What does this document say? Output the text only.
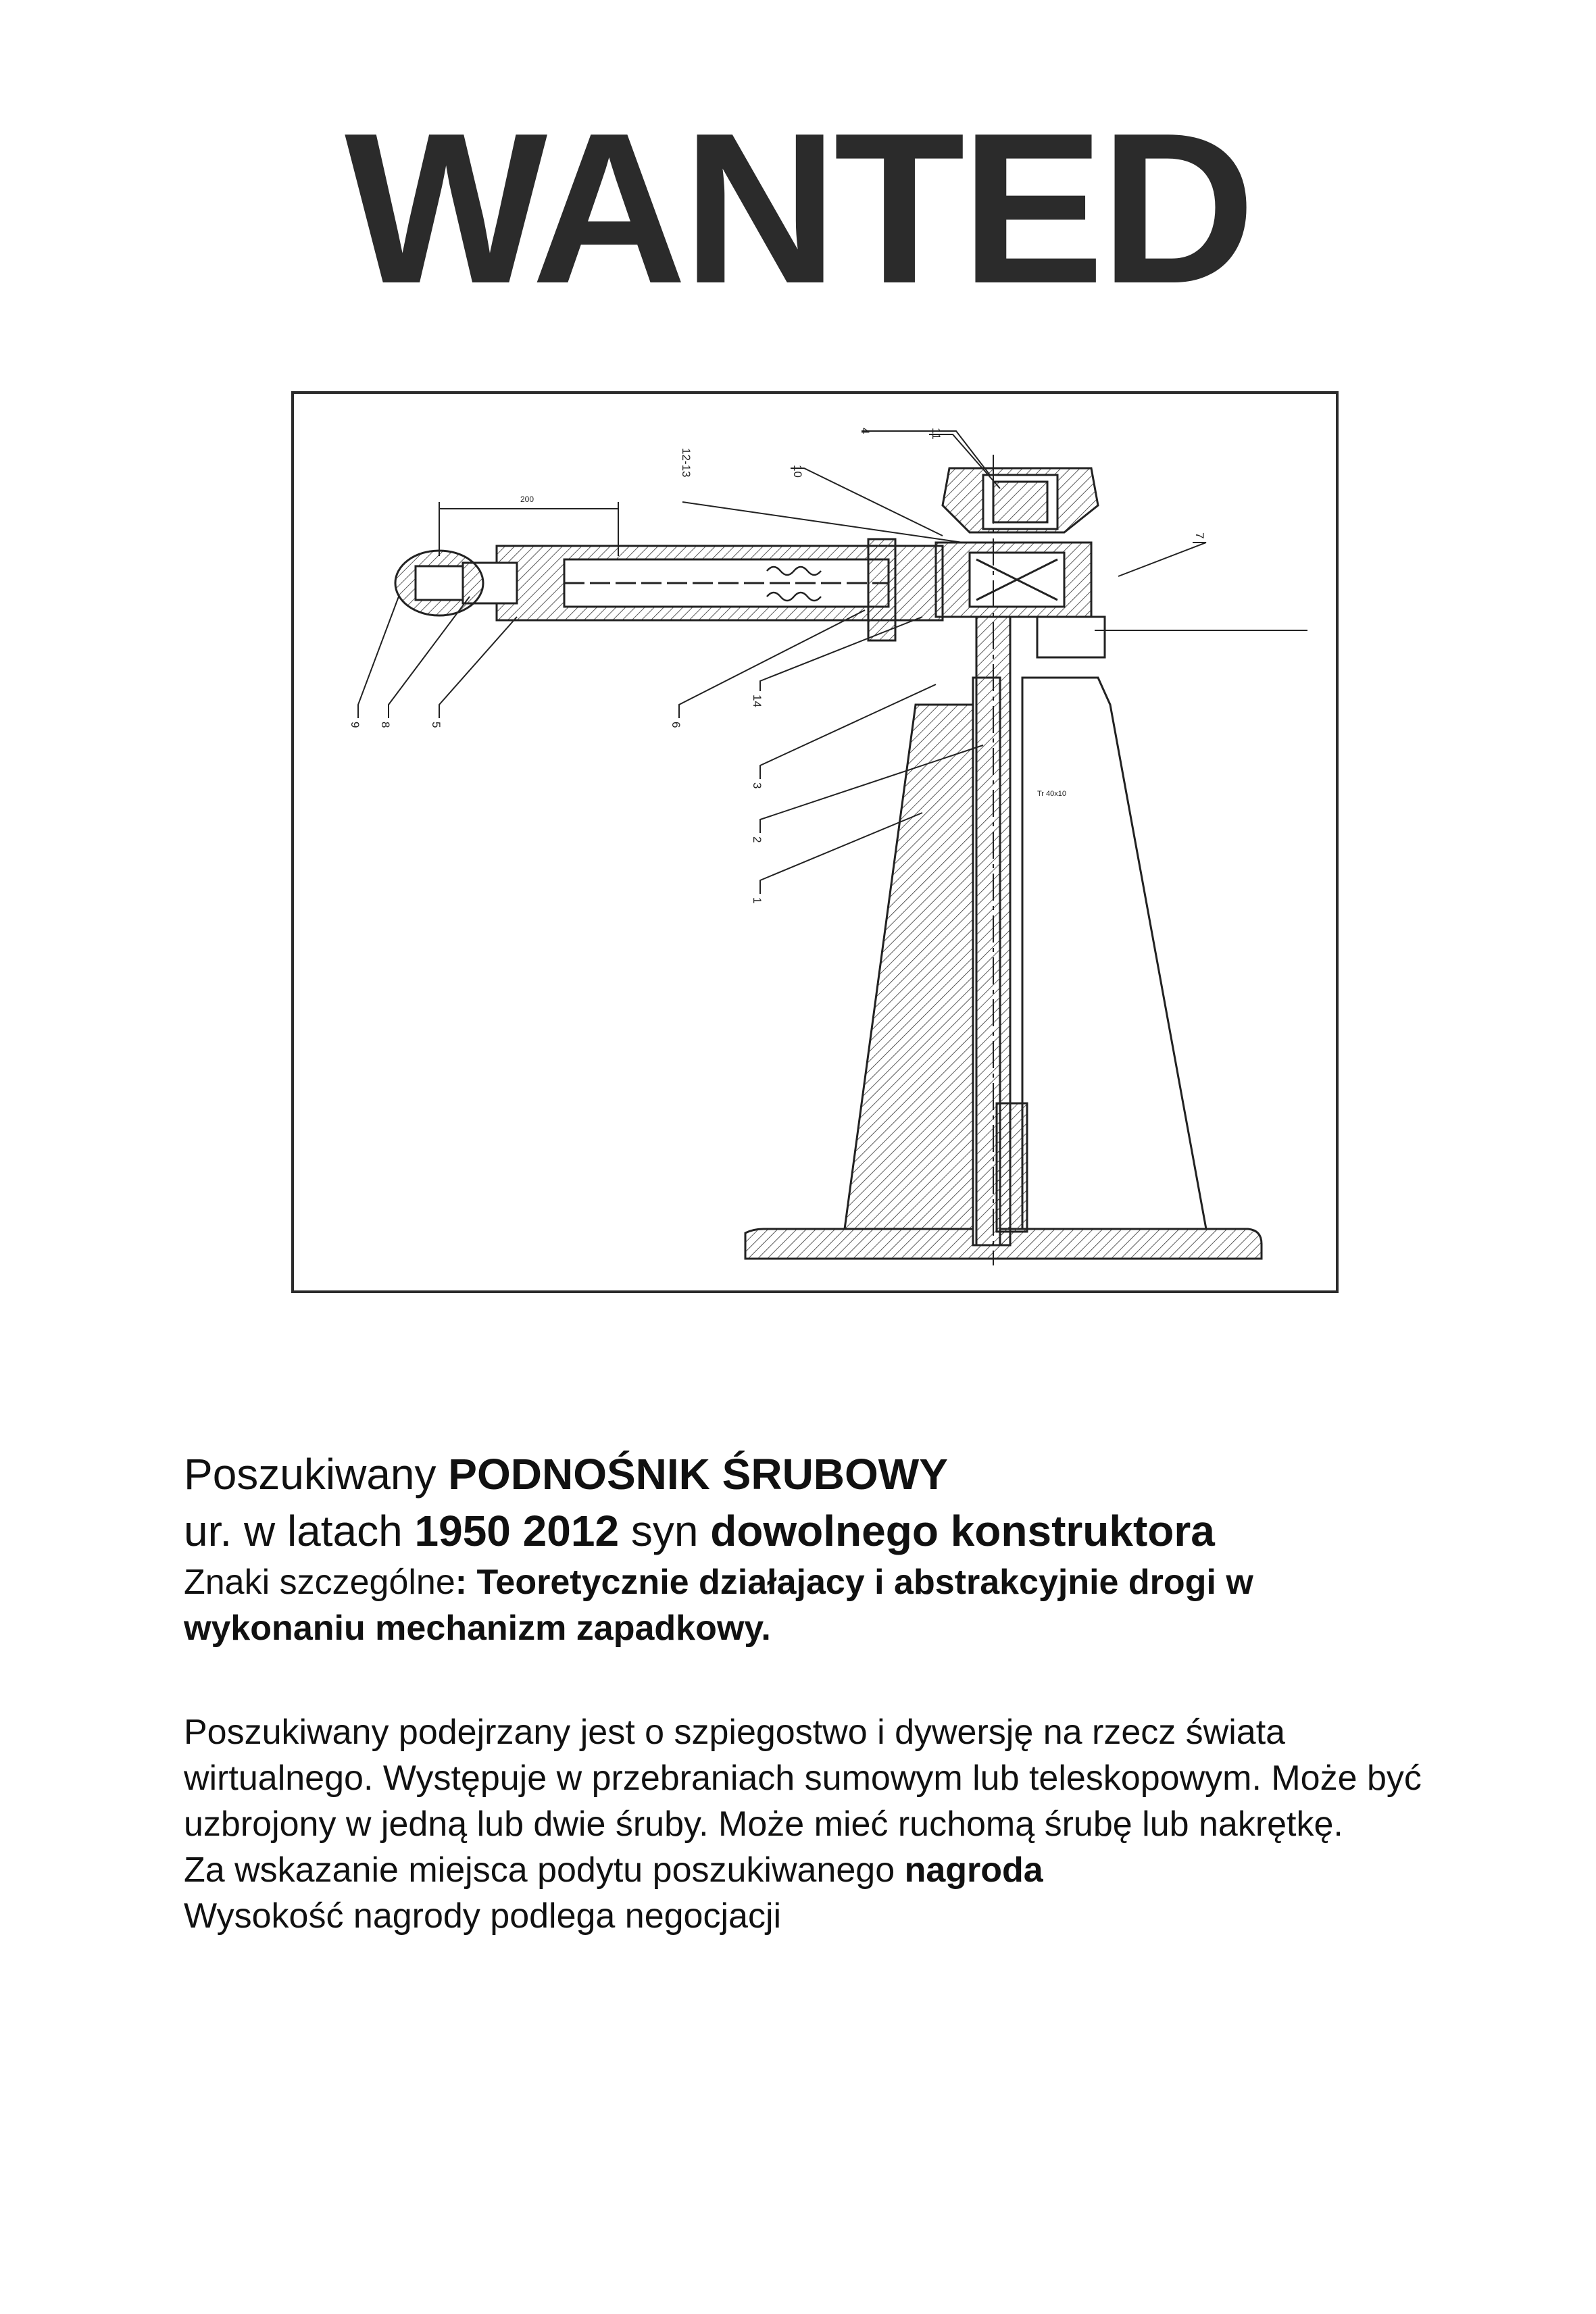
WANTED
4	11
12-13	10
7
9 8	5	6
14
3
2
1
200
Tr 40x10
Poszukiwany PODNOŚNIK ŚRUBOWY
ur. w latach 1950 2012 syn dowolnego konstruktora
Znaki szczególne: Teoretycznie działajacy i abstrakcyjnie drogi w
wykonaniu mechanizm zapadkowy.
Poszukiwany podejrzany jest o szpiegostwo i dywersję na rzecz świata wirtualnego. Występuje w przebraniach sumowym lub teleskopowym. Może być uzbrojony w jedną lub dwie śruby. Może mieć ruchomą śrubę lub nakrętkę.
Za wskazanie miejsca podytu poszukiwanego nagroda
Wysokość nagrody podlega negocjacji
